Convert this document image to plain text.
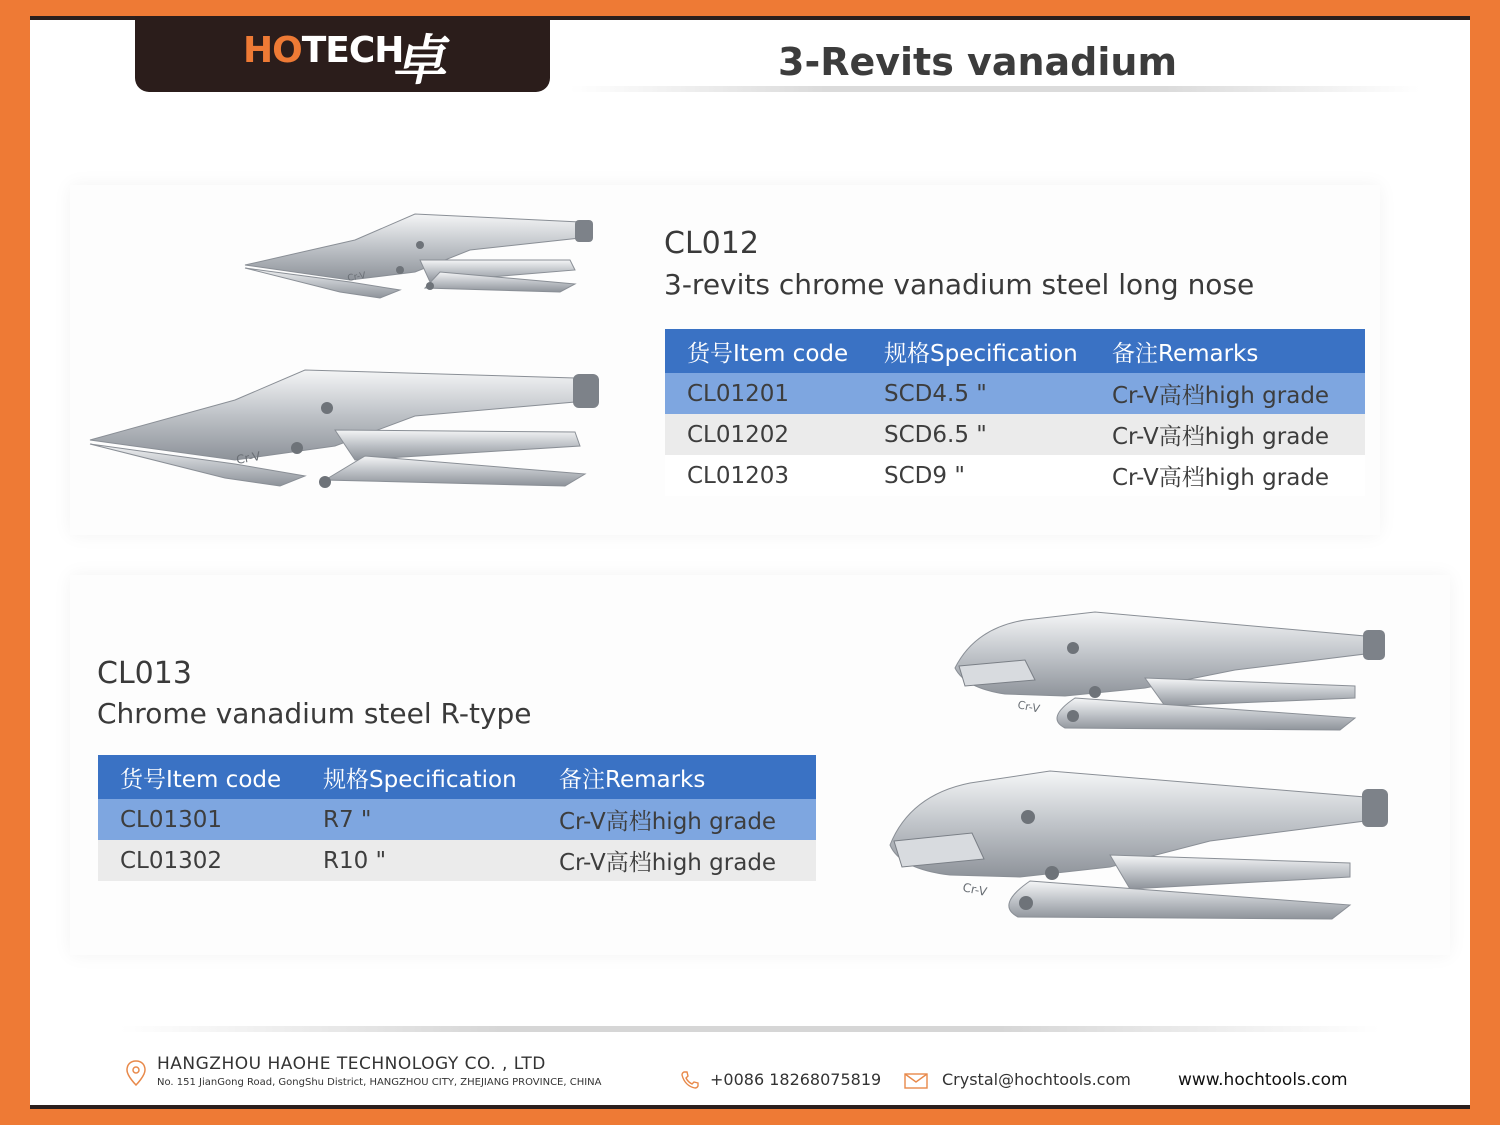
HOTECH
卓	3-Revits vanadium
Cr-V
Cr-V
CL012
3-revits chrome vanadium steel long nose
货号Item code	规格Specification	备注Remarks
CL01201	SCD4.5 "	Cr-V高档high grade
CL01202	SCD6.5 "	Cr-V高档high grade
CL01203	SCD9 "	Cr-V高档high grade
CL013
Chrome vanadium steel R-type
货号Item code	规格Specification	备注Remarks
CL01301	R7 "	Cr-V高档high grade
CL01302	R10 "	Cr-V高档high grade
Cr-V
Cr-V
HANGZHOU HAOHE TECHNOLOGY CO. , LTD
No. 151 JianGong Road, GongShu District, HANGZHOU CITY, ZHEJIANG PROVINCE, CHINA	+0086 18268075819	Crystal@hochtools.com	www.hochtools.com
